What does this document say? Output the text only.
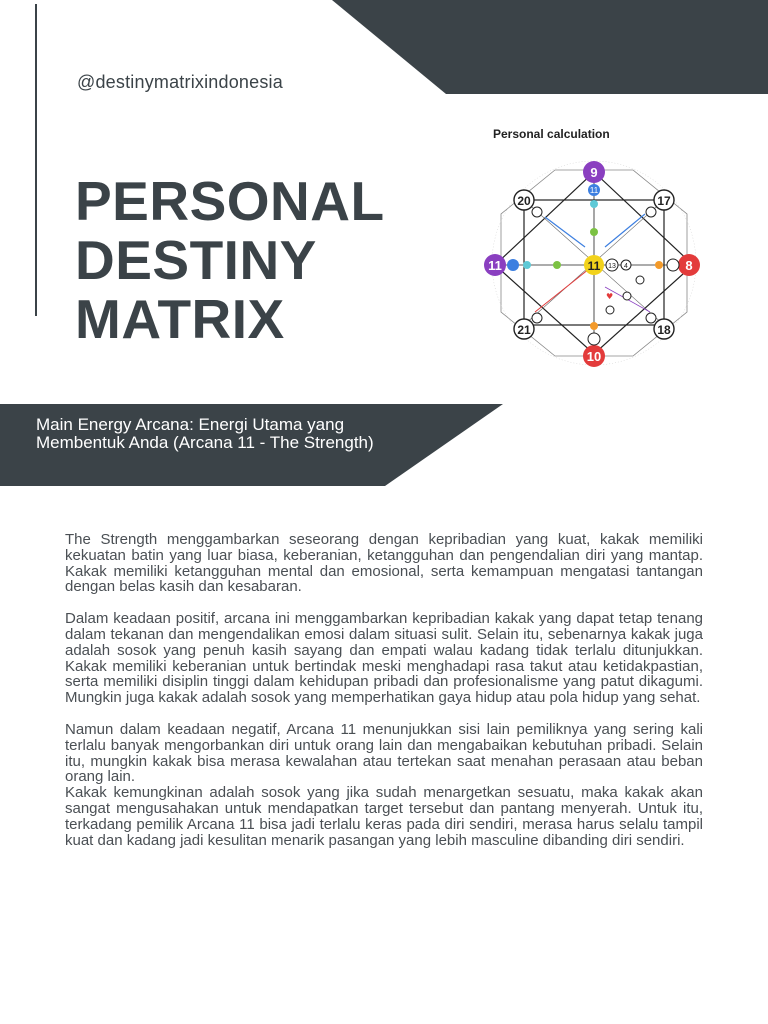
@destinymatrixindonesia
PERSONAL
DESTINY
MATRIX
Personal calculation
9
11
11	8
10
11 13 4
20	17
21	18
♥
Main Energy Arcana: Energi Utama yang Membentuk Anda (Arcana 11 - The Strength)

The Strength menggambarkan seseorang dengan kepribadian yang kuat, kakak memiliki kekuatan batin yang luar biasa, keberanian, ketangguhan dan pengendalian diri yang mantap. Kakak memiliki ketangguhan mental dan emosional, serta kemampuan mengatasi tantangan dengan belas kasih dan kesabaran.

Dalam keadaan positif, arcana ini menggambarkan kepribadian kakak yang dapat tetap tenang dalam tekanan dan mengendalikan emosi dalam situasi sulit. Selain itu, sebenarnya kakak juga adalah sosok yang penuh kasih sayang dan empati walau kadang tidak terlalu ditunjukkan. Kakak memiliki keberanian untuk bertindak meski menghadapi rasa takut atau ketidakpastian, serta memiliki disiplin tinggi dalam kehidupan pribadi dan profesionalisme yang patut dikagumi. Mungkin juga kakak adalah sosok yang memperhatikan gaya hidup atau pola hidup yang sehat.

Namun dalam keadaan negatif, Arcana 11 menunjukkan sisi lain pemiliknya yang sering kali terlalu banyak mengorbankan diri untuk orang lain dan mengabaikan kebutuhan pribadi. Selain itu, mungkin kakak bisa merasa kewalahan atau tertekan saat menahan perasaan atau beban orang lain.

Kakak kemungkinan adalah sosok yang jika sudah menargetkan sesuatu, maka kakak akan sangat mengusahakan untuk mendapatkan target tersebut dan pantang menyerah. Untuk itu, terkadang pemilik Arcana 11 bisa jadi terlalu keras pada diri sendiri, merasa harus selalu tampil kuat dan kadang jadi kesulitan menarik pasangan yang lebih masculine dibanding diri sendiri.
